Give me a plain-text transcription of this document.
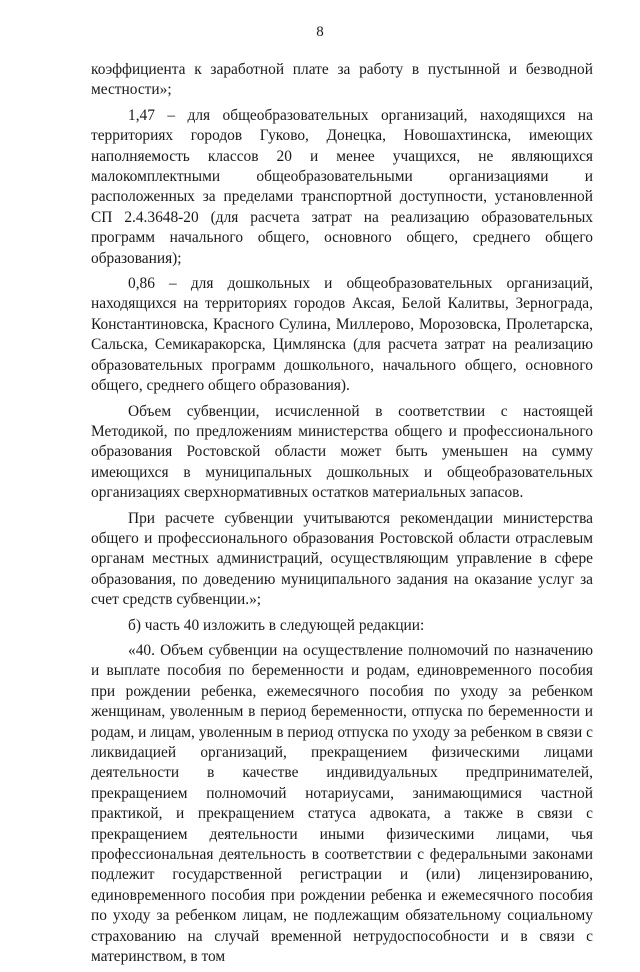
8

коэффициента к заработной плате за работу в пустынной и безводной местности»;

1,47 – для общеобразовательных организаций, находящихся на территориях городов Гуково, Донецка, Новошахтинска, имеющих наполняемость классов 20 и менее учащихся, не являющихся малокомплектными общеобразовательными организациями и расположенных за пределами транспортной доступности, установленной СП 2.4.3648-20 (для расчета затрат на реализацию образовательных программ начального общего, основного общего, среднего общего образования);

0,86 – для дошкольных и общеобразовательных организаций, находящихся на территориях городов Аксая, Белой Калитвы, Зернограда, Константиновска, Красного Сулина, Миллерово, Морозовска, Пролетарска, Сальска, Семикаракорска, Цимлянска (для расчета затрат на реализацию образовательных программ дошкольного, начального общего, основного общего, среднего общего образования).

Объем субвенции, исчисленной в соответствии с настоящей Методикой, по предложениям министерства общего и профессионального образования Ростовской области может быть уменьшен на сумму имеющихся в муниципальных дошкольных и общеобразовательных организациях сверхнормативных остатков материальных запасов.

При расчете субвенции учитываются рекомендации министерства общего и профессионального образования Ростовской области отраслевым органам местных администраций, осуществляющим управление в сфере образования, по доведению муниципального задания на оказание услуг за счет средств субвенции.»;

б) часть 40 изложить в следующей редакции:

«40. Объем субвенции на осуществление полномочий по назначению и выплате пособия по беременности и родам, единовременного пособия при рождении ребенка, ежемесячного пособия по уходу за ребенком женщинам, уволенным в период беременности, отпуска по беременности и родам, и лицам, уволенным в период отпуска по уходу за ребенком в связи с ликвидацией организаций, прекращением физическими лицами деятельности в качестве индивидуальных предпринимателей, прекращением полномочий нотариусами, занимающимися частной практикой, и прекращением статуса адвоката, а также в связи с прекращением деятельности иными физическими лицами, чья профессиональная деятельность в соответствии с федеральными законами подлежит государственной регистрации и (или) лицензированию, единовременного пособия при рождении ребенка и ежемесячного пособия по уходу за ребенком лицам, не подлежащим обязательному социальному страхованию на случай временной нетрудоспособности и в связи с материнством, в том
